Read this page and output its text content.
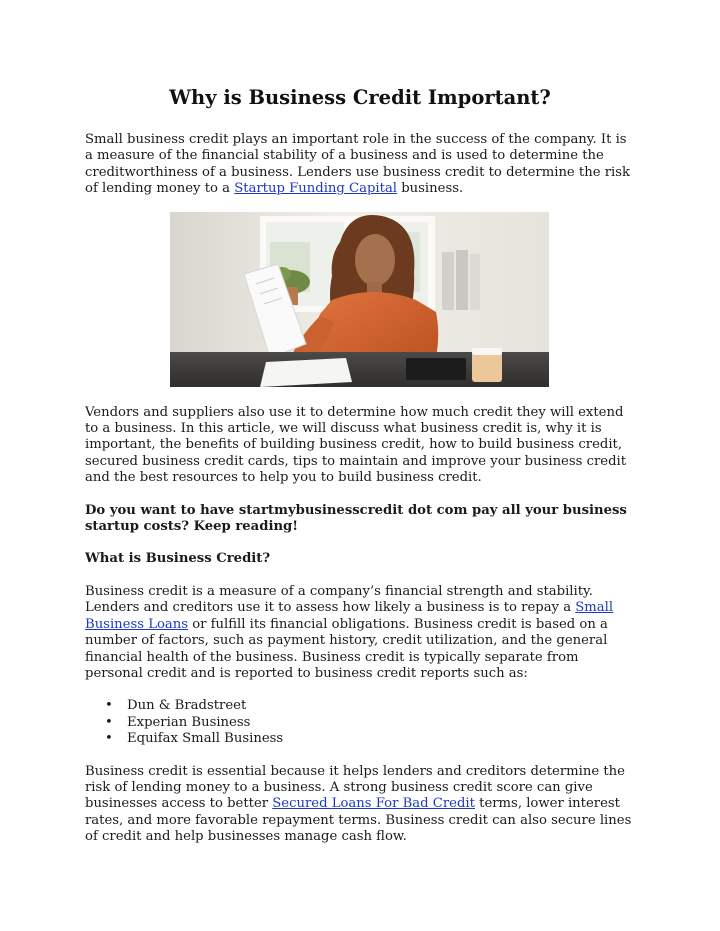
Why is Business Credit Important?

Small business credit plays an important role in the success of the company. It is a measure of the financial stability of a business and is used to determine the creditworthiness of a business. Lenders use business credit to determine the risk of lending money to a Startup Funding Capital business.

Vendors and suppliers also use it to determine how much credit they will extend to a business. In this article, we will discuss what business credit is, why it is important, the benefits of building business credit, how to build business credit, secured business credit cards, tips to maintain and improve your business credit and the best resources to help you to build business credit.

Do you want to have startmybusinesscredit dot com pay all your business startup costs? Keep reading!

What is Business Credit?

Business credit is a measure of a company’s financial strength and stability. Lenders and creditors use it to assess how likely a business is to repay a Small Business Loans or fulfill its financial obligations. Business credit is based on a number of factors, such as payment history, credit utilization, and the general financial health of the business. Business credit is typically separate from personal credit and is reported to business credit reports such as:

• Dun & Bradstreet
• Experian Business
• Equifax Small Business

Business credit is essential because it helps lenders and creditors determine the risk of lending money to a business. A strong business credit score can give businesses access to better Secured Loans For Bad Credit terms, lower interest rates, and more favorable repayment terms. Business credit can also secure lines of credit and help businesses manage cash flow.
